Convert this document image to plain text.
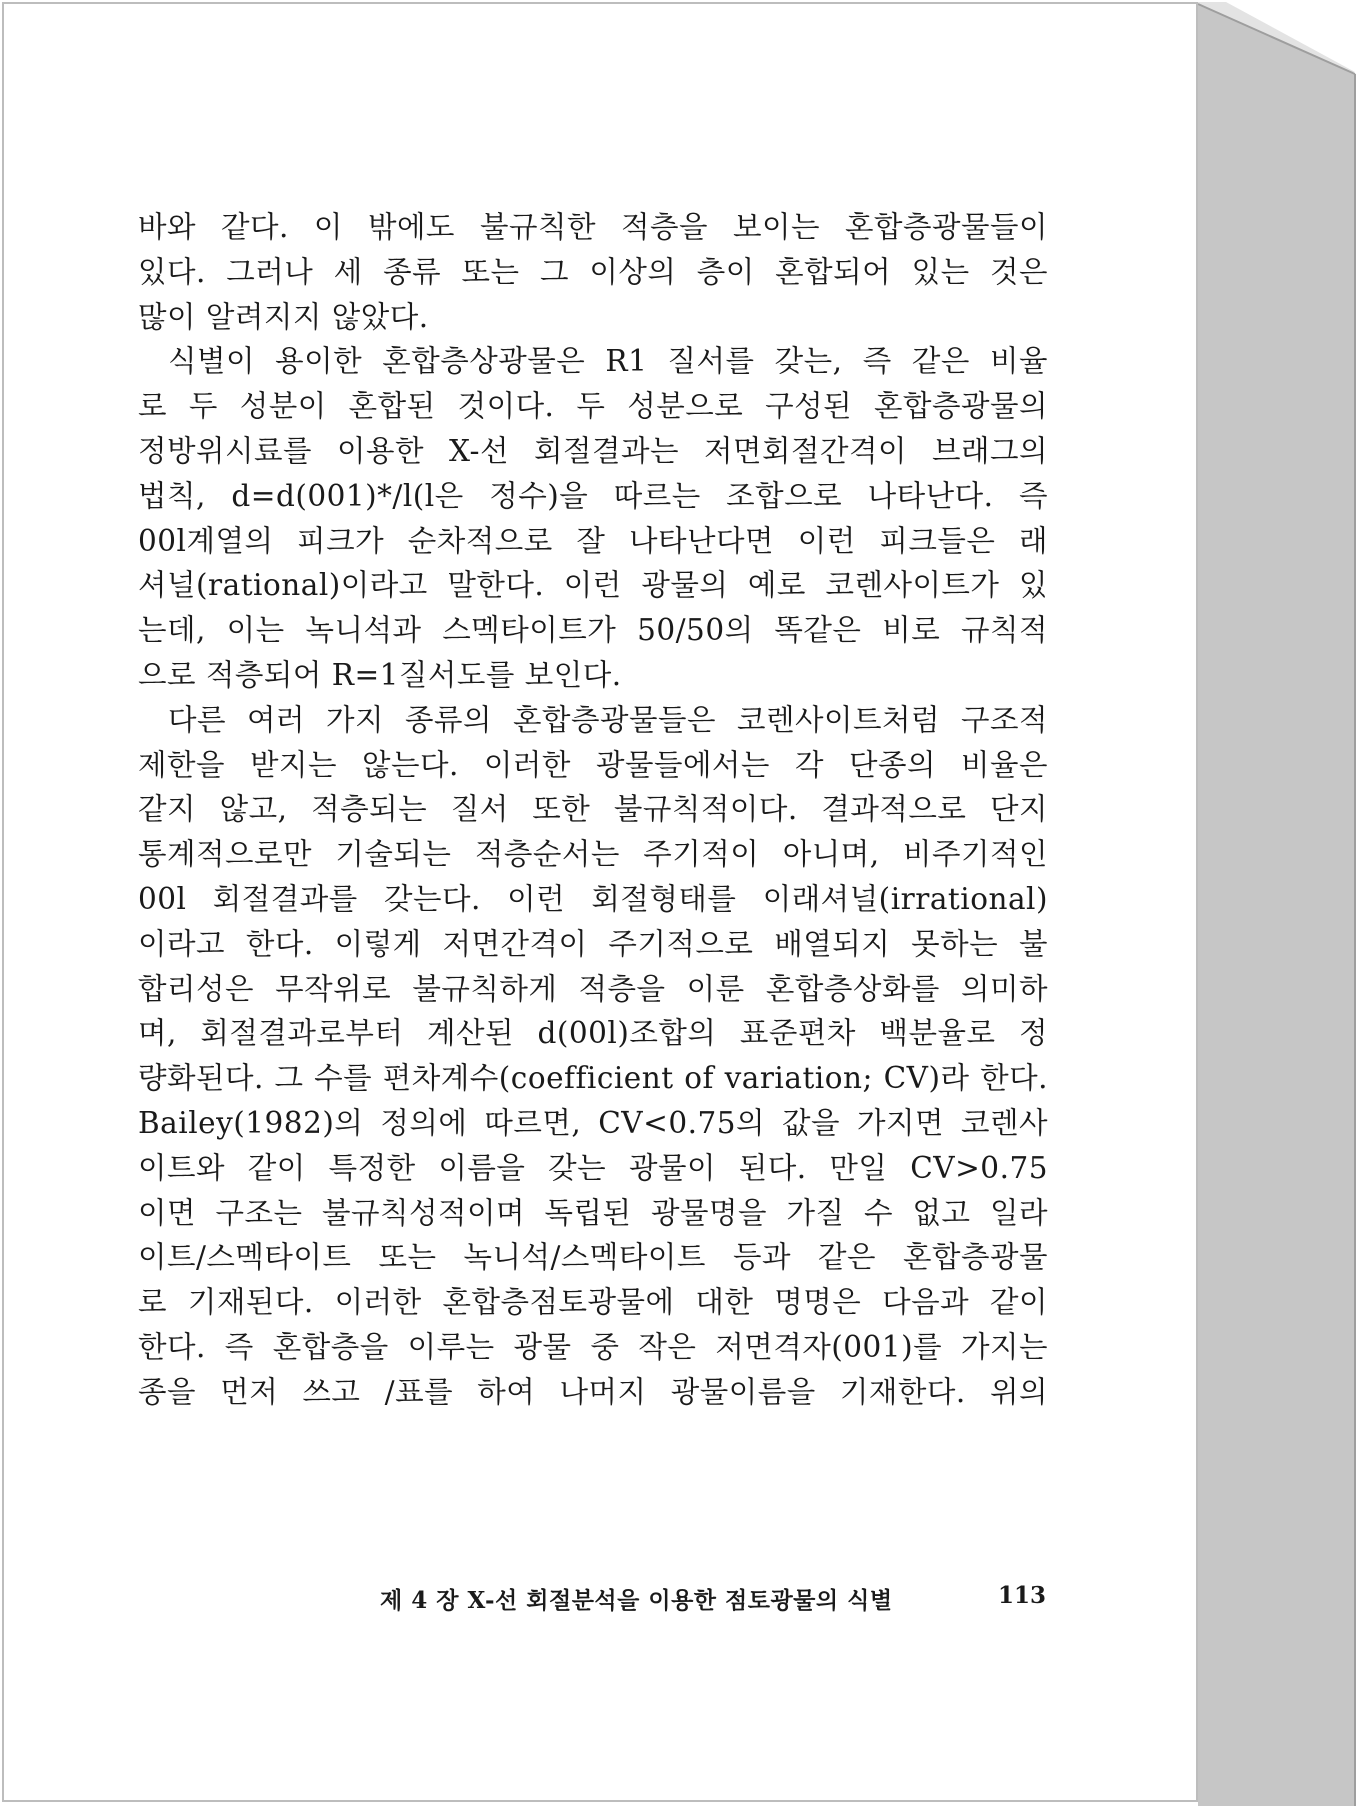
바와 같다. 이 밖에도 불규칙한 적층을 보이는 혼합층광물들이
있다. 그러나 세 종류 또는 그 이상의 층이 혼합되어 있는 것은
많이 알려지지 않았다.
식별이 용이한 혼합층상광물은 R1 질서를 갖는, 즉 같은 비율
로 두 성분이 혼합된 것이다. 두 성분으로 구성된 혼합층광물의
정방위시료를 이용한 X-선 회절결과는 저면회절간격이 브래그의
법칙, d=d(001)*/l(l은 정수)을 따르는 조합으로 나타난다. 즉
00l계열의 피크가 순차적으로 잘 나타난다면 이런 피크들은 래
셔널(rational)이라고 말한다. 이런 광물의 예로 코렌사이트가 있
는데, 이는 녹니석과 스멕타이트가 50/50의 똑같은 비로 규칙적
으로 적층되어 R=1질서도를 보인다.
다른 여러 가지 종류의 혼합층광물들은 코렌사이트처럼 구조적
제한을 받지는 않는다. 이러한 광물들에서는 각 단종의 비율은
같지 않고, 적층되는 질서 또한 불규칙적이다. 결과적으로 단지
통계적으로만 기술되는 적층순서는 주기적이 아니며, 비주기적인
00l 회절결과를 갖는다. 이런 회절형태를 이래셔널(irrational)
이라고 한다. 이렇게 저면간격이 주기적으로 배열되지 못하는 불
합리성은 무작위로 불규칙하게 적층을 이룬 혼합층상화를 의미하
며, 회절결과로부터 계산된 d(00l)조합의 표준편차 백분율로 정
량화된다. 그 수를 편차계수(coefficient of variation; CV)라 한다.
Bailey(1982)의 정의에 따르면, CV<0.75의 값을 가지면 코렌사
이트와 같이 특정한 이름을 갖는 광물이 된다. 만일 CV>0.75
이면 구조는 불규칙성적이며 독립된 광물명을 가질 수 없고 일라
이트/스멕타이트 또는 녹니석/스멕타이트 등과 같은 혼합층광물
로 기재된다. 이러한 혼합층점토광물에 대한 명명은 다음과 같이
한다. 즉 혼합층을 이루는 광물 중 작은 저면격자(001)를 가지는
종을 먼저 쓰고 /표를 하여 나머지 광물이름을 기재한다. 위의
제 4 장 X-선 회절분석을 이용한 점토광물의 식별	113
